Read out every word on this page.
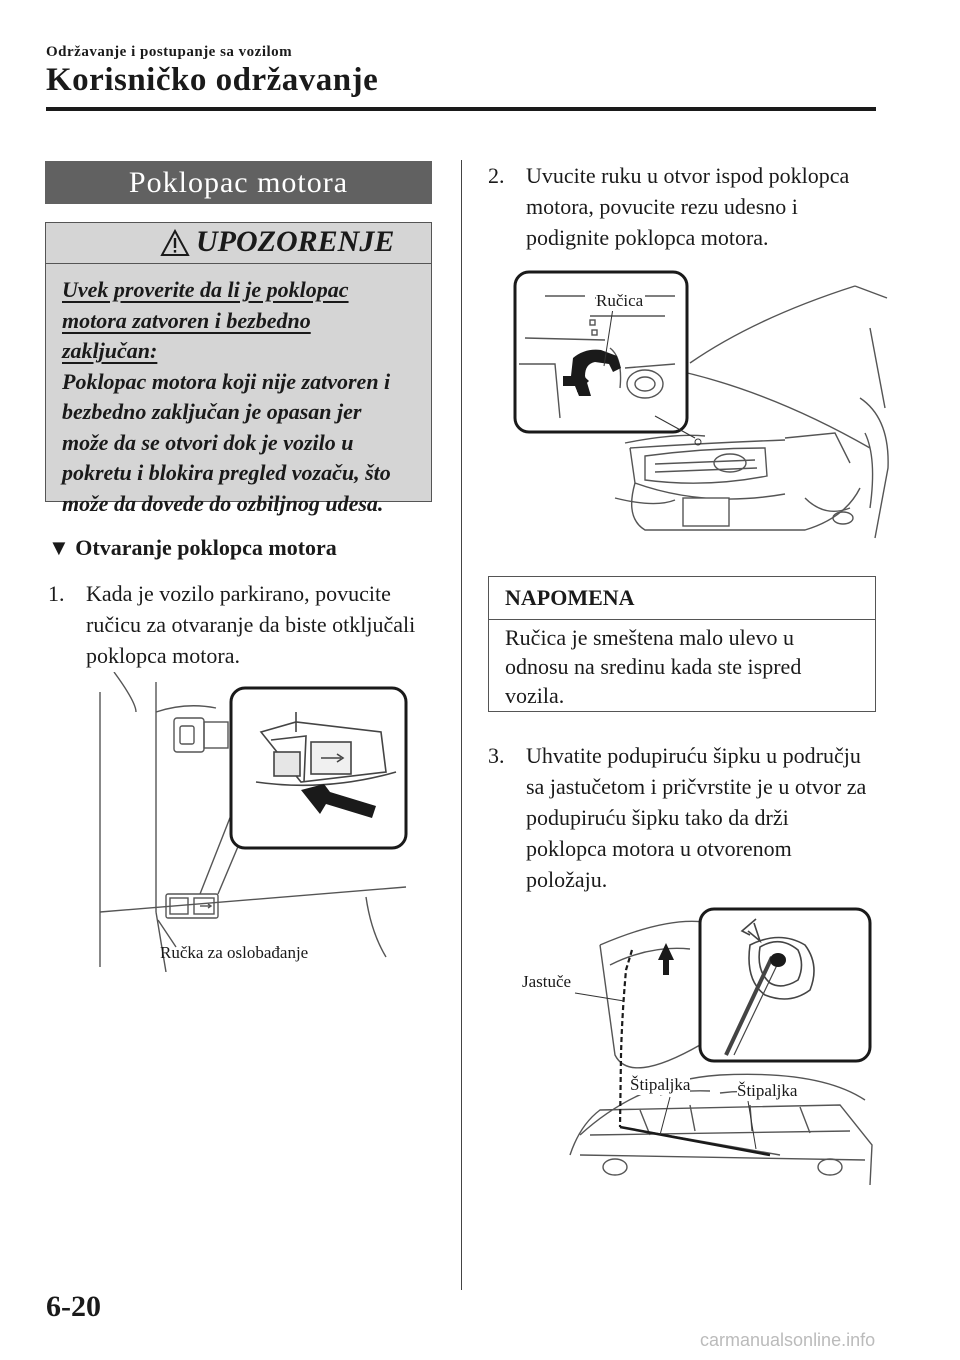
Održavanje i postupanje sa vozilom
Korisničko održavanje
Poklopac motora
UPOZORENJE
Uvek proverite da li je poklopac
motora zatvoren i bezbedno
zaključan:
Poklopac motora koji nije zatvoren i
bezbedno zaključan je opasan jer
može da se otvori dok je vozilo u
pokretu i blokira pregled vozaču, što
može da dovede do ozbiljnog udesa.
▼ Otvaranje poklopca motora
1. Kada je vozilo parkirano, povucite
ručicu za otvaranje da biste otključali
poklopca motora.
Ručka za oslobađanje
2. Uvucite ruku u otvor ispod poklopca
motora, povucite rezu udesno i
podignite poklopca motora.
Ručica
NAPOMENA
Ručica je smeštena malo ulevo u
odnosu na sredinu kada ste ispred
vozila.
3. Uhvatite podupiruću šipku u području
sa jastučetom i pričvrstite je u otvor za
podupiruću šipku tako da drži
poklopca motora u otvorenom
položaju.
Jastuče
Štipaljka	Štipaljka
6-20
carmanualsonline.info
